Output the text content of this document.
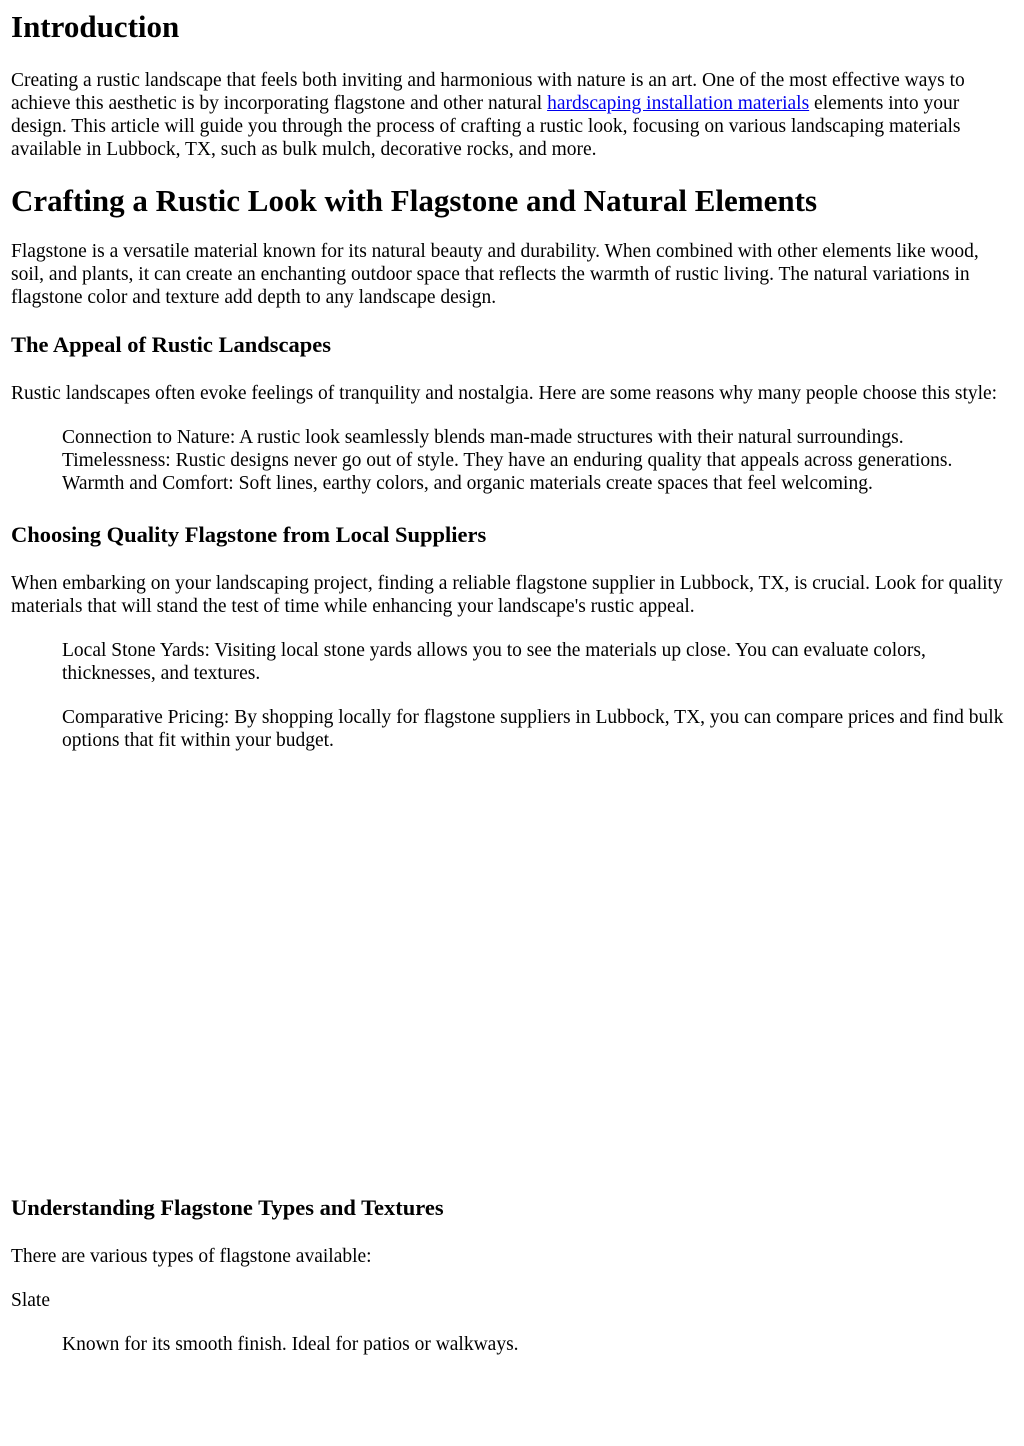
Introduction

Creating a rustic landscape that feels both inviting and harmonious with nature is an art. One of the most effective ways to achieve this aesthetic is by incorporating flagstone and other natural hardscaping installation materials elements into your design. This article will guide you through the process of crafting a rustic look, focusing on various landscaping materials available in Lubbock, TX, such as bulk mulch, decorative rocks, and more.

Crafting a Rustic Look with Flagstone and Natural Elements

Flagstone is a versatile material known for its natural beauty and durability. When combined with other elements like wood, soil, and plants, it can create an enchanting outdoor space that reflects the warmth of rustic living. The natural variations in flagstone color and texture add depth to any landscape design.

The Appeal of Rustic Landscapes

Rustic landscapes often evoke feelings of tranquility and nostalgia. Here are some reasons why many people choose this style:

Connection to Nature: A rustic look seamlessly blends man-made structures with their natural surroundings.
Timelessness: Rustic designs never go out of style. They have an enduring quality that appeals across generations.
Warmth and Comfort: Soft lines, earthy colors, and organic materials create spaces that feel welcoming.
Choosing Quality Flagstone from Local Suppliers

When embarking on your landscaping project, finding a reliable flagstone supplier in Lubbock, TX, is crucial. Look for quality materials that will stand the test of time while enhancing your landscape's rustic appeal.

Local Stone Yards: Visiting local stone yards allows you to see the materials up close. You can evaluate colors, thicknesses, and textures.

Comparative Pricing: By shopping locally for flagstone suppliers in Lubbock, TX, you can compare prices and find bulk options that fit within your budget.

Understanding Flagstone Types and Textures

There are various types of flagstone available:

Slate

Known for its smooth finish. Ideal for patios or walkways.
